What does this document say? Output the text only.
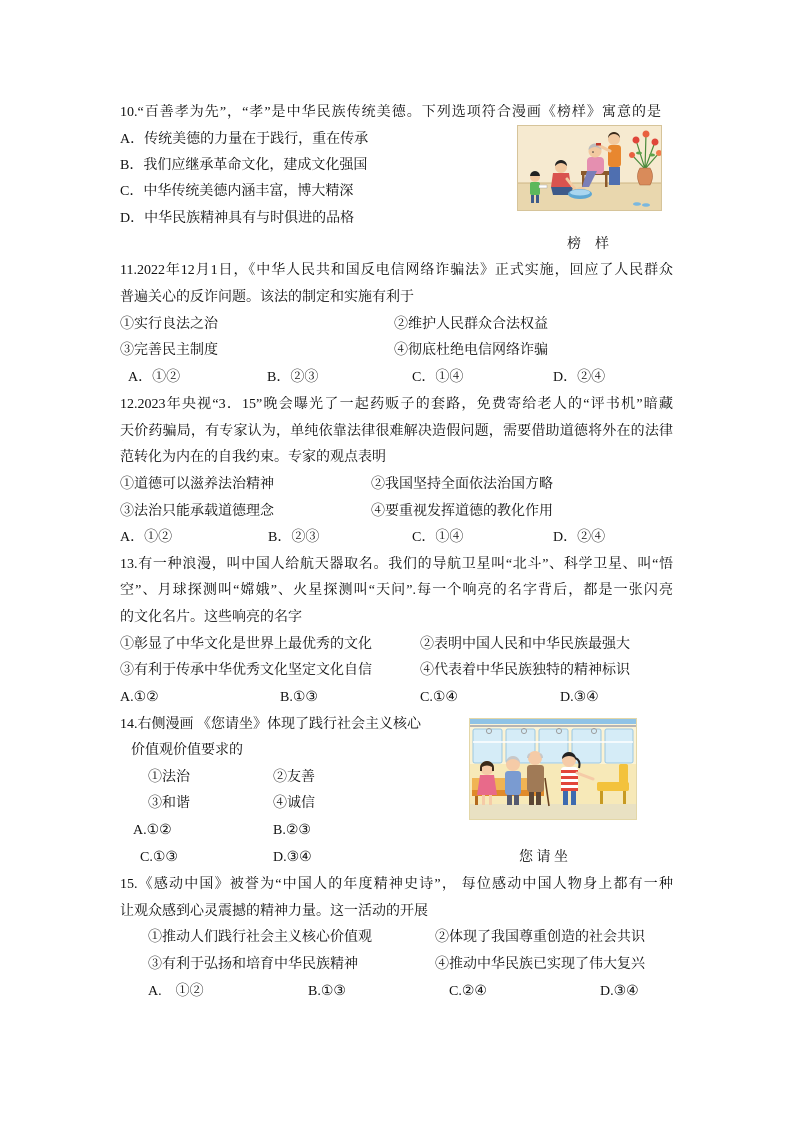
10.“百善孝为先”，“孝”是中华民族传统美德。下列选项符合漫画《榜样》寓意的是
A．传统美德的力量在于践行，重在传承
B．我们应继承革命文化，建成文化强国
C．中华传统美德内涵丰富，博大精深
D．中华民族精神具有与时俱进的品格
榜　样
11.2022年12月1日，《中华人民共和国反电信网络诈骗法》正式实施，回应了人民群众
普遍关心的反诈问题。该法的制定和实施有利于
①实行良法之治	②维护人民群众合法权益
③完善民主制度	④彻底杜绝电信网络诈骗
A．①②	B．②③	C．①④	D．②④
12.2023年央视“3．15”晚会曝光了一起药贩子的套路，免费寄给老人的“评书机”暗藏
天价药骗局，有专家认为，单纯依靠法律很难解决造假问题，需要借助道德将外在的法律
范转化为内在的自我约束。专家的观点表明
①道德可以滋养法治精神	②我国坚持全面依法治国方略
③法治只能承载道德理念	④要重视发挥道德的教化作用
A．①②	B．②③	C．①④	D．②④
13.有一种浪漫，叫中国人给航天器取名。我们的导航卫星叫“北斗”、科学卫星、叫“悟
空”、月球探测叫“嫦娥”、火星探测叫“天问”.每一个响亮的名字背后，都是一张闪亮
的文化名片。这些响亮的名字
①彰显了中华文化是世界上最优秀的文化	②表明中国人民和中华民族最强大
③有利于传承中华优秀文化坚定文化自信	④代表着中华民族独特的精神标识
A.①②	B.①③	C.①④	D.③④
14.右侧漫画 《您请坐》体现了践行社会主义核心
价值观价值要求的
①法治	②友善
③和谐	④诚信
A.①②	B.②③
C.①③	D.③④	您 请 坐
15.《感动中国》被誉为“中国人的年度精神史诗”， 每位感动中国人物身上都有一种
让观众感到心灵震撼的精神力量。这一活动的开展
①推动人们践行社会主义核心价值观	②体现了我国尊重创造的社会共识
③有利于弘扬和培育中华民族精神	④推动中华民族已实现了伟大复兴
A.　①②	B.①③	C.②④	D.③④
